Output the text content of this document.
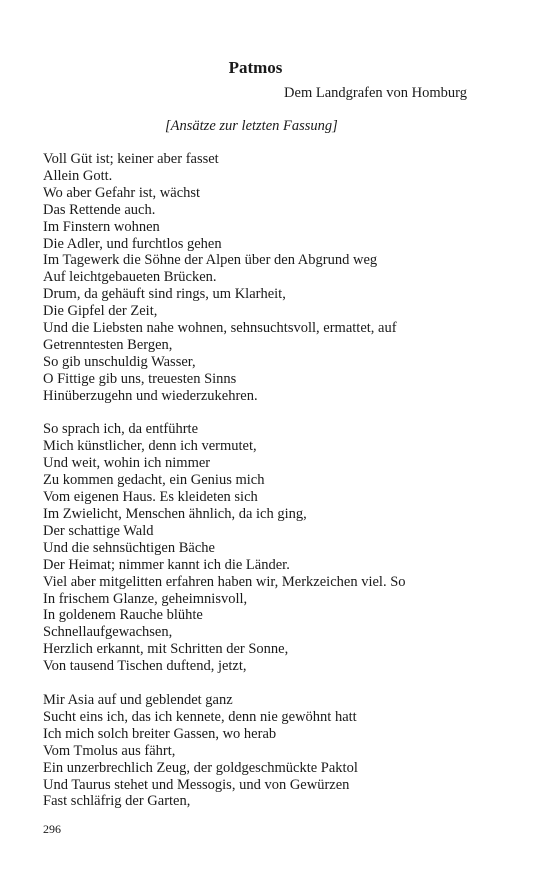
Patmos
Dem Landgrafen von Homburg
[Ansätze zur letzten Fassung]
Voll Güt ist; keiner aber fasset
Allein Gott.
Wo aber Gefahr ist, wächst
Das Rettende auch.
Im Finstern wohnen
Die Adler, und furchtlos gehen
Im Tagewerk die Söhne der Alpen über den Abgrund weg
Auf leichtgebaueten Brücken.
Drum, da gehäuft sind rings, um Klarheit,
Die Gipfel der Zeit,
Und die Liebsten nahe wohnen, sehnsuchtsvoll, ermattet, auf
Getrenntesten Bergen,
So gib unschuldig Wasser,
O Fittige gib uns, treuesten Sinns
Hinüberzugehn und wiederzukehren.
So sprach ich, da entführte
Mich künstlicher, denn ich vermutet,
Und weit, wohin ich nimmer
Zu kommen gedacht, ein Genius mich
Vom eigenen Haus. Es kleideten sich
Im Zwielicht, Menschen ähnlich, da ich ging,
Der schattige Wald
Und die sehnsüchtigen Bäche
Der Heimat; nimmer kannt ich die Länder.
Viel aber mitgelitten erfahren haben wir, Merkzeichen viel. So
In frischem Glanze, geheimnisvoll,
In goldenem Rauche blühte
Schnellaufgewachsen,
Herzlich erkannt, mit Schritten der Sonne,
Von tausend Tischen duftend, jetzt,
Mir Asia auf und geblendet ganz
Sucht eins ich, das ich kennete, denn nie gewöhnt hatt
Ich mich solch breiter Gassen, wo herab
Vom Tmolus aus fährt,
Ein unzerbrechlich Zeug, der goldgeschmückte Paktol
Und Taurus stehet und Messogis, und von Gewürzen
Fast schläfrig der Garten,
296
